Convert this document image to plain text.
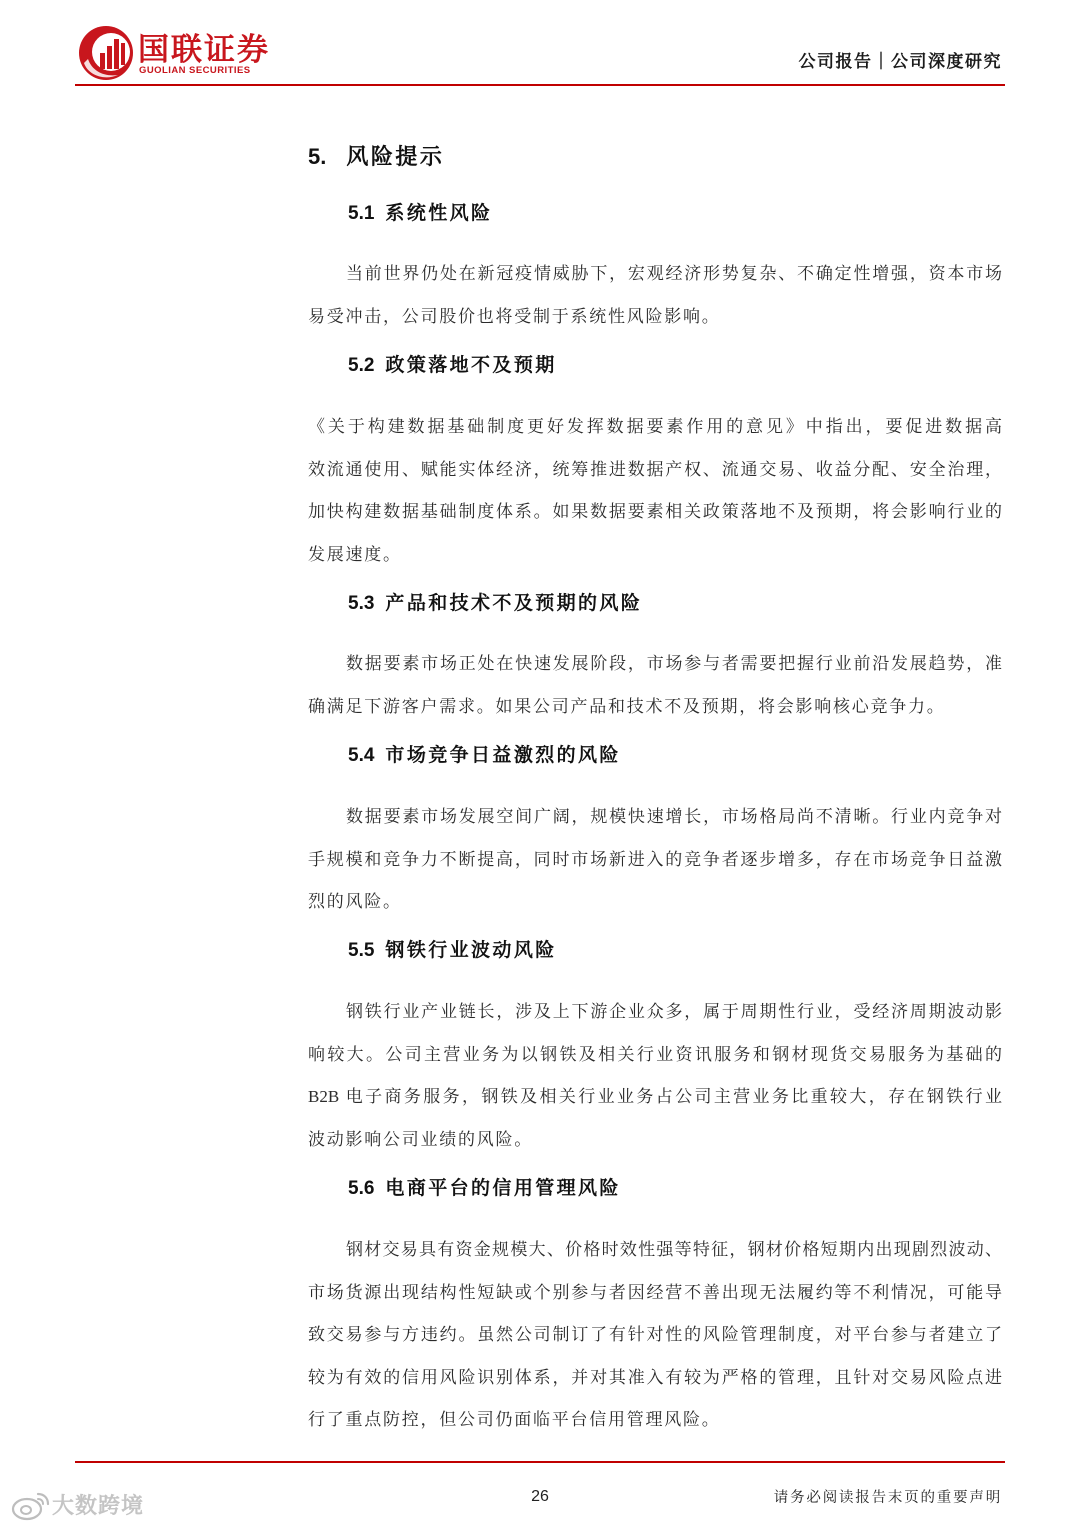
国联证券
GUOLIAN SECURITIES	公司报告｜公司深度研究
5. 风险提示
5.1 系统性风险
当前世界仍处在新冠疫情威胁下，宏观经济形势复杂、不确定性增强，资本市场
易受冲击，公司股价也将受制于系统性风险影响。
5.2 政策落地不及预期
《关于构建数据基础制度更好发挥数据要素作用的意见》中指出，要促进数据高
效流通使用、赋能实体经济，统筹推进数据产权、流通交易、收益分配、安全治理，
加快构建数据基础制度体系。如果数据要素相关政策落地不及预期，将会影响行业的
发展速度。
5.3 产品和技术不及预期的风险
数据要素市场正处在快速发展阶段，市场参与者需要把握行业前沿发展趋势，准
确满足下游客户需求。如果公司产品和技术不及预期，将会影响核心竞争力。
5.4 市场竞争日益激烈的风险
数据要素市场发展空间广阔，规模快速增长，市场格局尚不清晰。行业内竞争对
手规模和竞争力不断提高，同时市场新进入的竞争者逐步增多，存在市场竞争日益激
烈的风险。
5.5 钢铁行业波动风险
钢铁行业产业链长，涉及上下游企业众多，属于周期性行业，受经济周期波动影
响较大。公司主营业务为以钢铁及相关行业资讯服务和钢材现货交易服务为基础的
B2B 电子商务服务，钢铁及相关行业业务占公司主营业务比重较大，存在钢铁行业
波动影响公司业绩的风险。
5.6 电商平台的信用管理风险
钢材交易具有资金规模大、价格时效性强等特征，钢材价格短期内出现剧烈波动、
市场货源出现结构性短缺或个别参与者因经营不善出现无法履约等不利情况，可能导
致交易参与方违约。虽然公司制订了有针对性的风险管理制度，对平台参与者建立了
较为有效的信用风险识别体系，并对其准入有较为严格的管理，且针对交易风险点进
行了重点防控，但公司仍面临平台信用管理风险。
26	请务必阅读报告末页的重要声明
大数跨境
